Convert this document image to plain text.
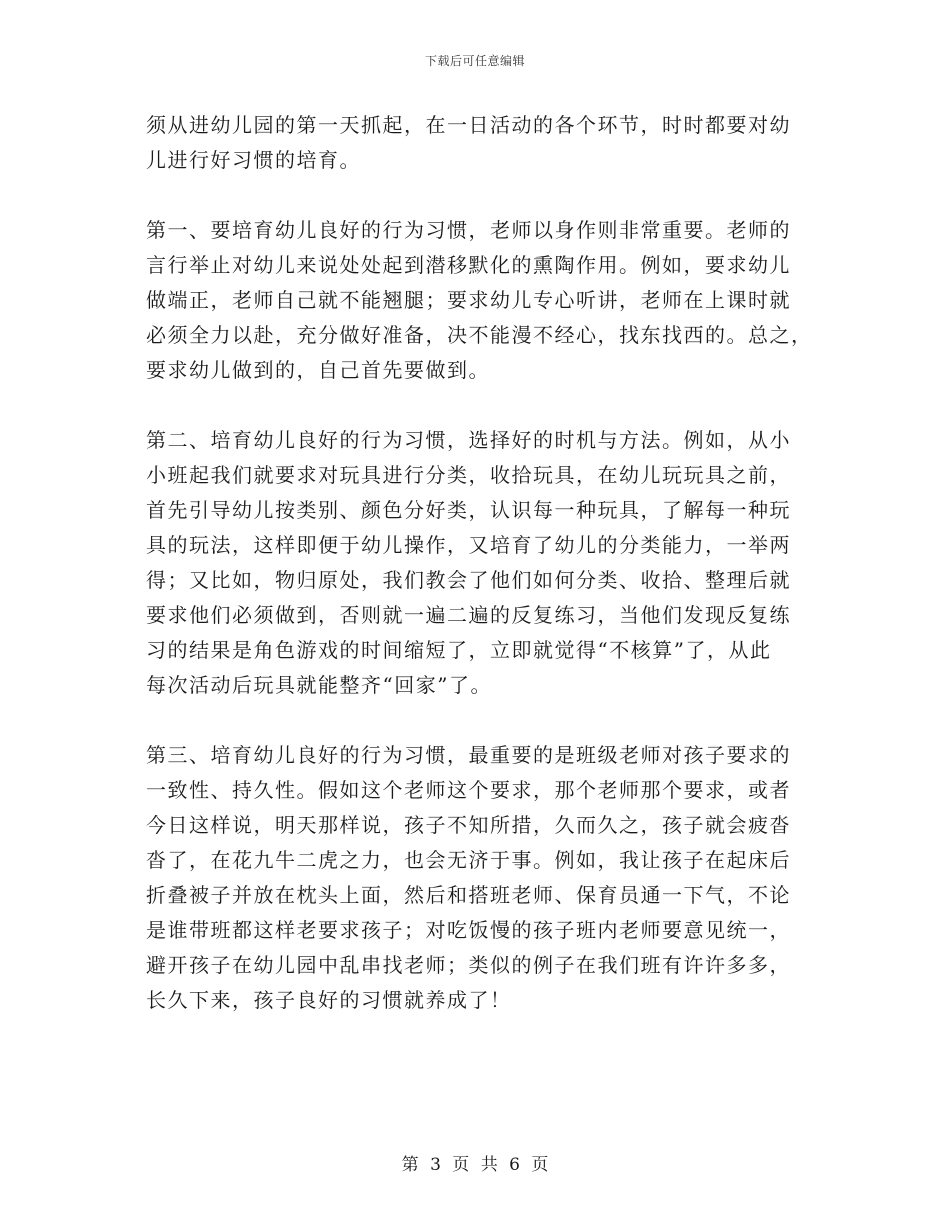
下载后可任意编辑
须从进幼儿园的第一天抓起，在一日活动的各个环节，时时都要对幼
儿进行好习惯的培育。
第一、要培育幼儿良好的行为习惯，老师以身作则非常重要。老师的
言行举止对幼儿来说处处起到潜移默化的熏陶作用。例如，要求幼儿
做端正，老师自己就不能翘腿；要求幼儿专心听讲，老师在上课时就
必须全力以赴，充分做好准备，决不能漫不经心，找东找西的。总之，
要求幼儿做到的，自己首先要做到。
第二、培育幼儿良好的行为习惯，选择好的时机与方法。例如，从小
小班起我们就要求对玩具进行分类，收拾玩具，在幼儿玩玩具之前，
首先引导幼儿按类别、颜色分好类，认识每一种玩具，了解每一种玩
具的玩法，这样即便于幼儿操作，又培育了幼儿的分类能力，一举两
得；又比如，物归原处，我们教会了他们如何分类、收拾、整理后就
要求他们必须做到，否则就一遍二遍的反复练习，当他们发现反复练
习的结果是角色游戏的时间缩短了，立即就觉得“不核算”了，从此
每次活动后玩具就能整齐“回家”了。
第三、培育幼儿良好的行为习惯，最重要的是班级老师对孩子要求的
一致性、持久性。假如这个老师这个要求，那个老师那个要求，或者
今日这样说，明天那样说，孩子不知所措，久而久之，孩子就会疲沓
沓了，在花九牛二虎之力，也会无济于事。例如，我让孩子在起床后
折叠被子并放在枕头上面，然后和搭班老师、保育员通一下气，不论
是谁带班都这样老要求孩子；对吃饭慢的孩子班内老师要意见统一，
避开孩子在幼儿园中乱串找老师；类似的例子在我们班有许许多多，
长久下来，孩子良好的习惯就养成了！
第 3 页 共 6 页
